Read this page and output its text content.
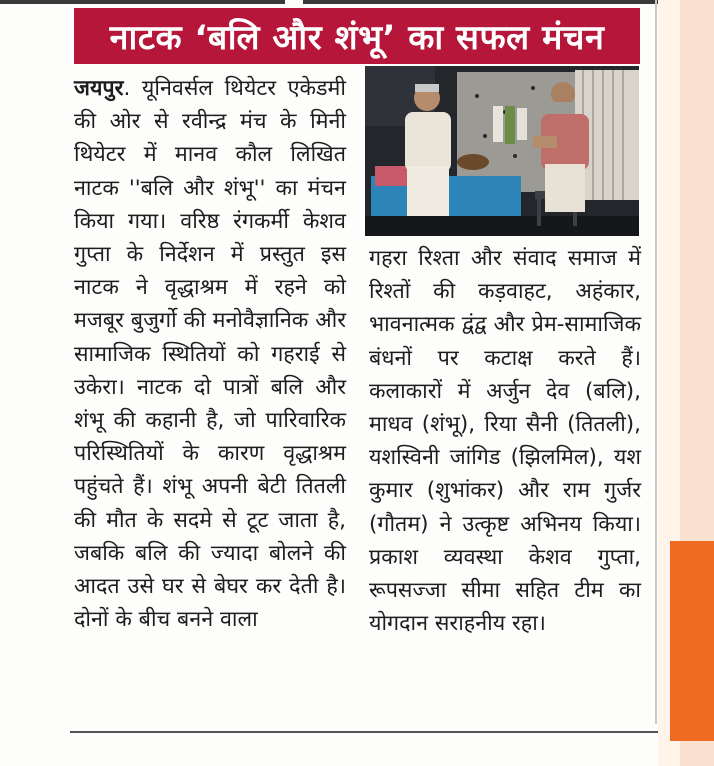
नाटक ‘बलि और शंभू’ का सफल मंचन

जयपुर. यूनिवर्सल थियेटर एकेडमी की ओर से रवीन्द्र मंच के मिनी थियेटर में मानव कौल लिखित नाटक ''बलि और शंभू'' का मंचन किया गया। वरिष्ठ रंगकर्मी केशव गुप्ता के निर्देशन में प्रस्तुत इस नाटक ने वृद्धाश्रम में रहने को मजबूर बुजुर्गो की मनोवैज्ञानिक और सामाजिक स्थितियों को गहराई से उकेरा। नाटक दो पात्रों बलि और शंभू की कहानी है, जो पारिवारिक परिस्थितियों के कारण वृद्धाश्रम पहुंचते हैं। शंभू अपनी बेटी तितली की मौत के सदमे से टूट जाता है, जबकि बलि की ज्यादा बोलने की आदत उसे घर से बेघर कर देती है। दोनों के बीच बनने वाला

गहरा रिश्ता और संवाद समाज में रिश्तों की कड़वाहट, अहंकार, भावनात्मक द्वंद्व और प्रेम-सामाजिक बंधनों पर कटाक्ष करते हैं। कलाकारों में अर्जुन देव (बलि), माधव (शंभू), रिया सैनी (तितली), यशस्विनी जांगिड (झिलमिल), यश कुमार (शुभांकर) और राम गुर्जर (गौतम) ने उत्कृष्ट अभिनय किया। प्रकाश व्यवस्था केशव गुप्ता, रूपसज्जा सीमा सहित टीम का योगदान सराहनीय रहा।
